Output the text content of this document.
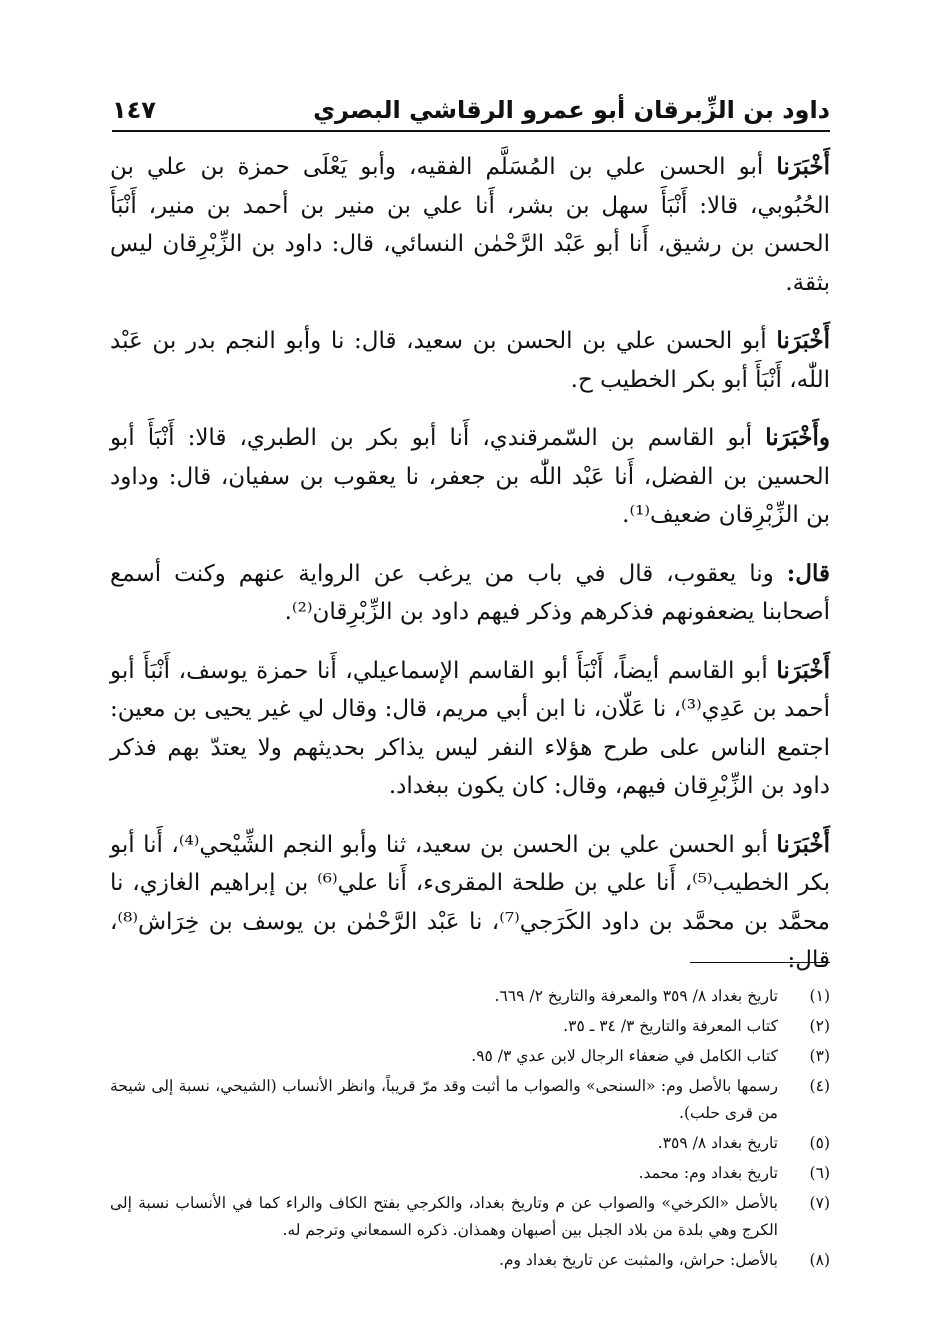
داود بن الزِّبرقان أبو عمرو الرقاشي البصري
١٤٧

أَخْبَرَنا أبو الحسن علي بن المُسَلَّم الفقيه، وأبو يَعْلَى حمزة بن علي بن الحُبُوبي، قالا: أَنْبَأَ سهل بن بشر، أَنا علي بن منير بن أحمد بن منير، أَنْبَأَ الحسن بن رشيق، أَنا أبو عَبْد الرَّحْمٰن النسائي، قال: داود بن الزِّبْرِقان ليس بثقة.

أَخْبَرَنا أبو الحسن علي بن الحسن بن سعيد، قال: نا وأبو النجم بدر بن عَبْد اللّٰه، أَنْبَأَ أبو بكر الخطيب ح.

وأَخْبَرَنا أبو القاسم بن السّمرقندي، أَنا أبو بكر بن الطبري، قالا: أَنْبَأَ أبو الحسين بن الفضل، أَنا عَبْد اللّٰه بن جعفر، نا يعقوب بن سفيان، قال: وداود بن الزِّبْرِقان ضعيف⁽¹⁾.

قال: ونا يعقوب، قال في باب من يرغب عن الرواية عنهم وكنت أسمع أصحابنا يضعفونهم فذكرهم وذكر فيهم داود بن الزِّبْرِقان⁽²⁾.

أَخْبَرَنا أبو القاسم أيضاً، أَنْبَأَ أبو القاسم الإسماعيلي، أَنا حمزة يوسف، أَنْبَأَ أبو أحمد بن عَدِي⁽³⁾، نا عَلّان، نا ابن أبي مريم، قال: وقال لي غير يحيى بن معين: اجتمع الناس على طرح هؤلاء النفر ليس يذاكر بحديثهم ولا يعتدّ بهم فذكر داود بن الزِّبْرِقان فيهم، وقال: كان يكون ببغداد.

أَخْبَرَنا أبو الحسن علي بن الحسن بن سعيد، ثنا وأبو النجم الشِّيْحي⁽⁴⁾، أَنا أبو بكر الخطيب⁽⁵⁾، أَنا علي بن طلحة المقرىء، أَنا علي⁽⁶⁾ بن إبراهيم الغازي، نا محمَّد بن محمَّد بن داود الكَرَجي⁽⁷⁾، نا عَبْد الرَّحْمٰن بن يوسف بن خِرَاش⁽⁸⁾، قال:

(١)
تاريخ بغداد ٨/ ٣٥٩ والمعرفة والتاريخ ٢/ ٦٦٩.
(٢)
كتاب المعرفة والتاريخ ٣/ ٣٤ ـ ٣٥.
(٣)
كتاب الكامل في ضعفاء الرجال لابن عدي ٣/ ٩٥.
(٤)
رسمها بالأصل وم: «السنحى» والصواب ما أثبت وقد مرّ قريباً، وانظر الأنساب (الشيحي، نسبة إلى شيحة من قرى حلب).
(٥)
تاريخ بغداد ٨/ ٣٥٩.
(٦)
تاريخ بغداد وم: محمد.
(٧)
بالأصل «الكرخي» والصواب عن م وتاريخ بغداد، والكرجي بفتح الكاف والراء كما في الأنساب نسبة إلى الكرج وهي بلدة من بلاد الجبل بين أصبهان وهمذان. ذكره السمعاني وترجم له.
(٨)
بالأصل: حراش، والمثبت عن تاريخ بغداد وم.
